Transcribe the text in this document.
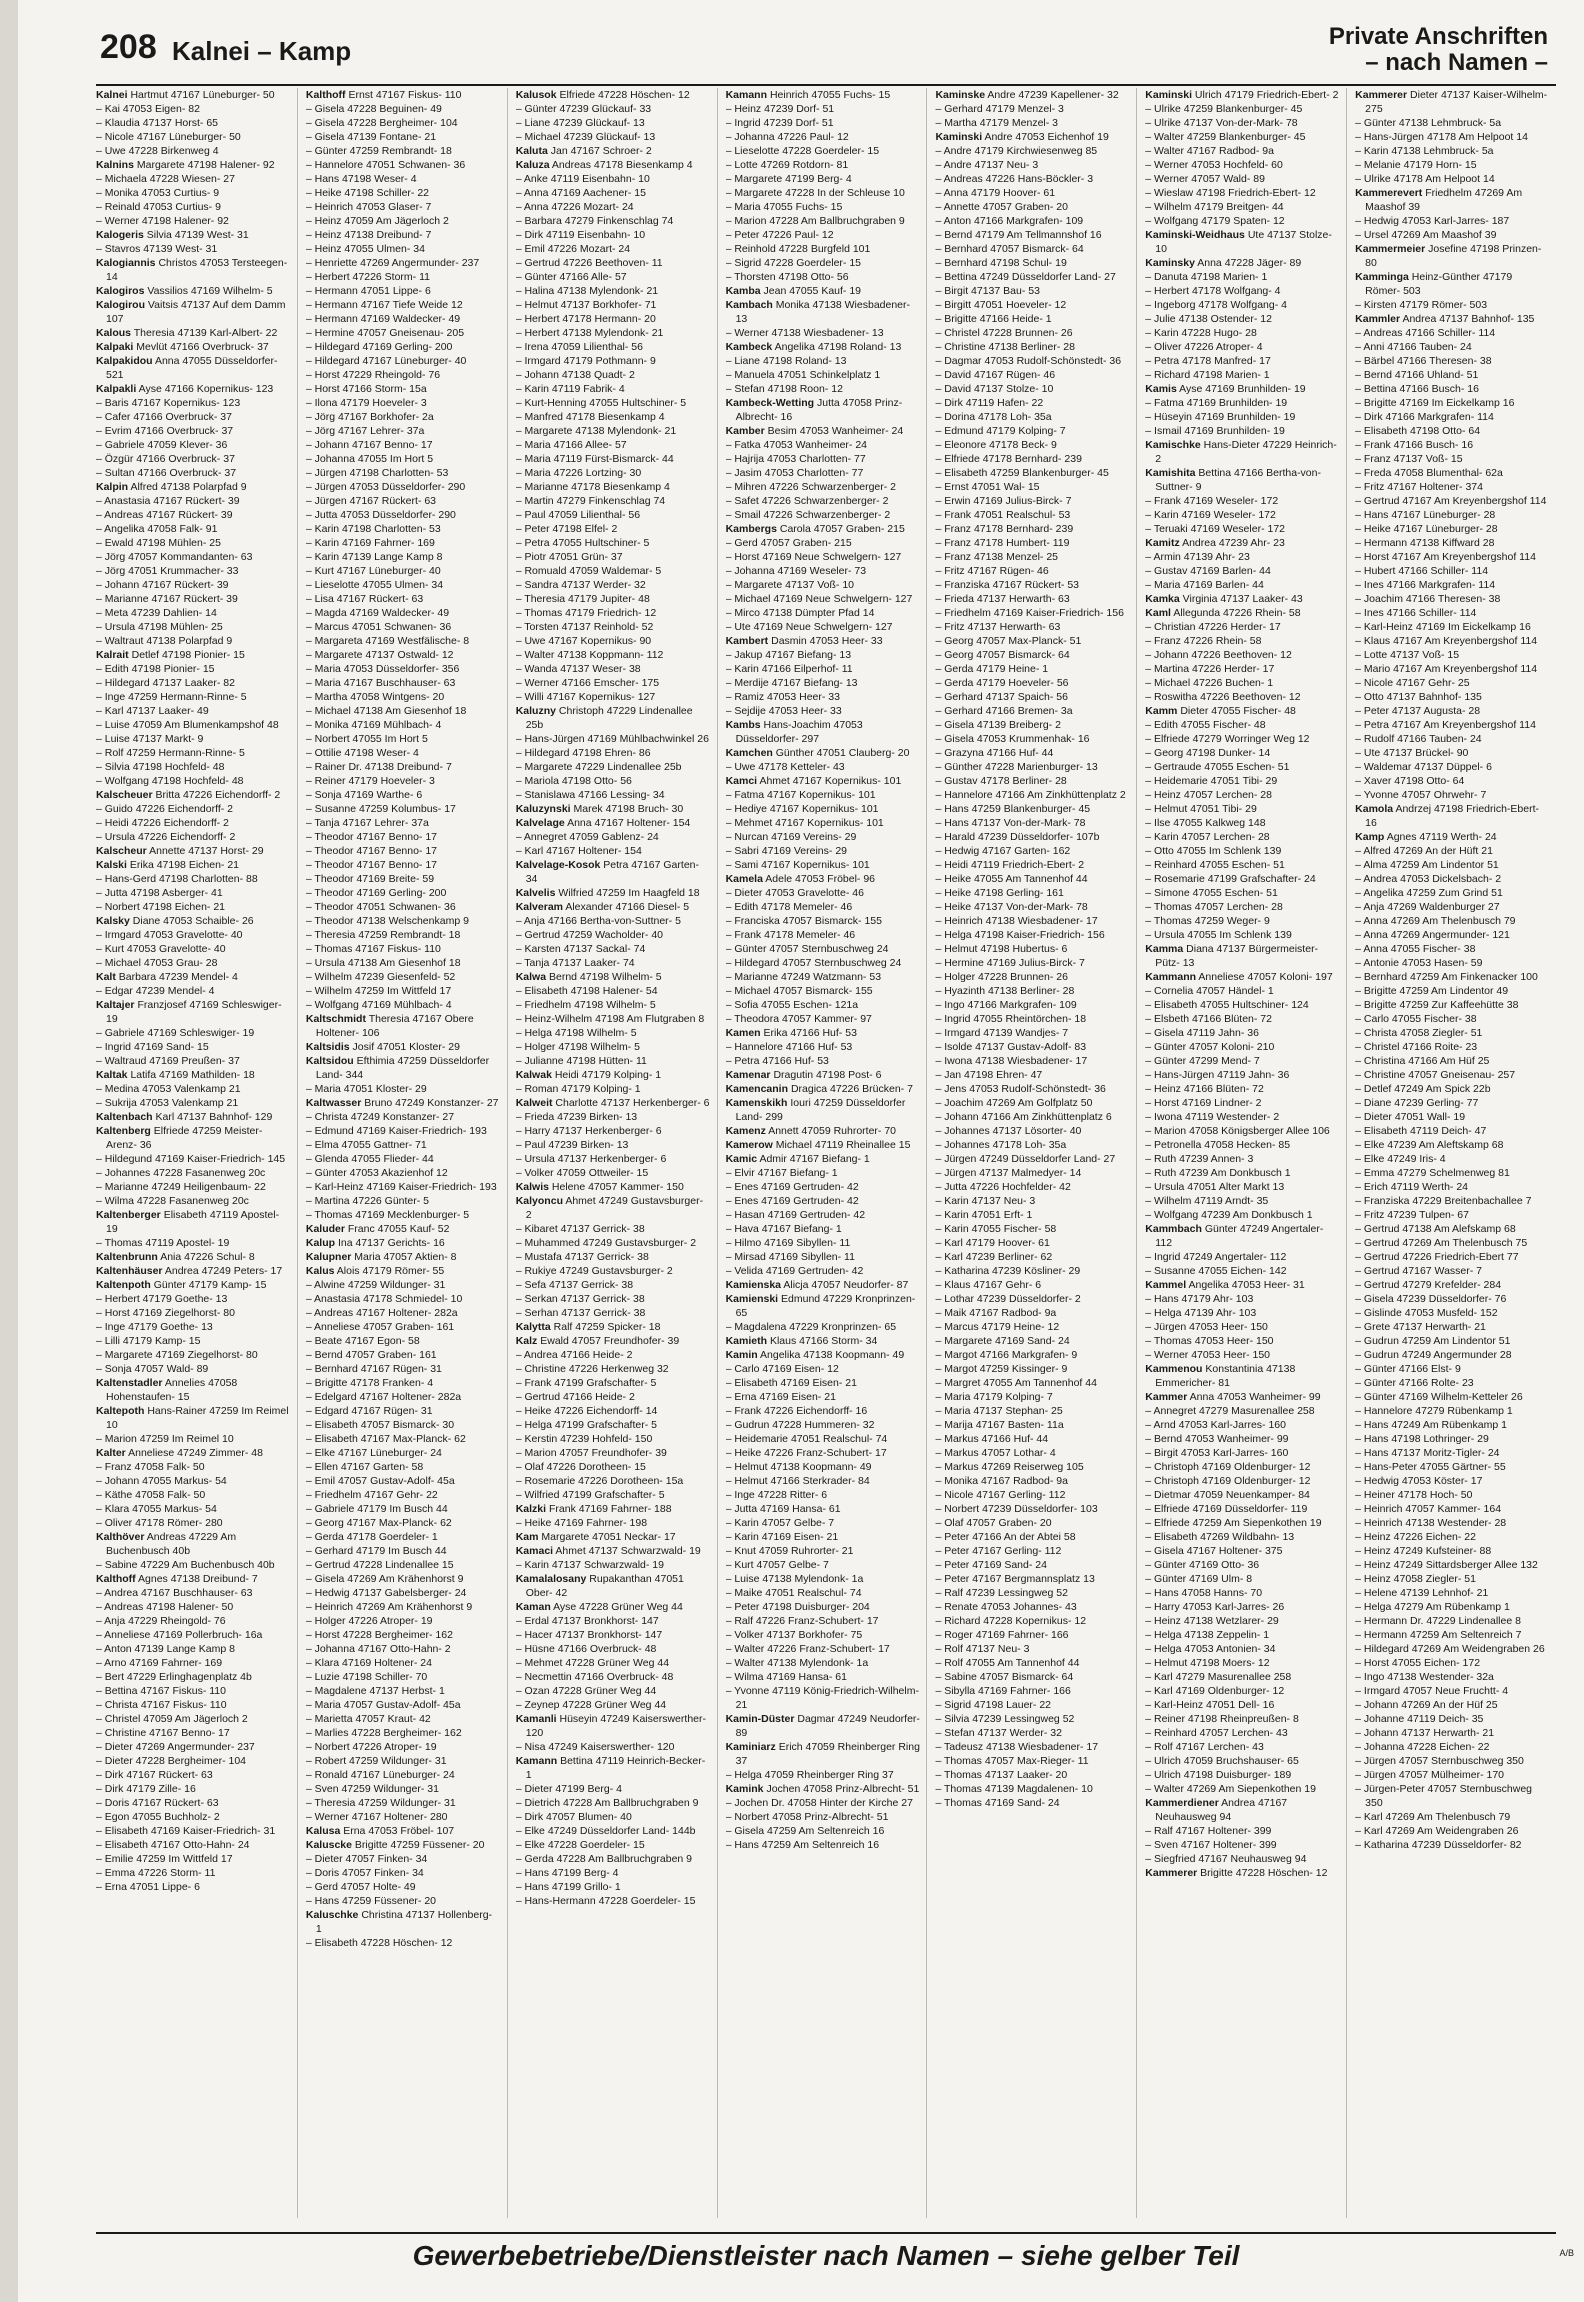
208 Kalnei – Kamp	Private Anschriften
– nach Namen –

Kalnei Hartmut 47167 Lüneburger- 50

– Kai 47053 Eigen- 82

– Klaudia 47137 Horst- 65

– Nicole 47167 Lüneburger- 50

– Uwe 47228 Birkenweg 4

Kalnins Margarete 47198 Halener- 92

– Michaela 47228 Wiesen- 27

– Monika 47053 Curtius- 9

– Reinald 47053 Curtius- 9

– Werner 47198 Halener- 92

Kalogeris Silvia 47139 West- 31

– Stavros 47139 West- 31

Kalogiannis Christos 47053 Tersteegen- 14

Kalogiros Vassilios 47169 Wilhelm- 5

Kalogirou Vaitsis 47137 Auf dem Damm 107

Kalous Theresia 47139 Karl-Albert- 22

Kalpaki Mevlüt 47166 Overbruck- 37

Kalpakidou Anna 47055 Düsseldorfer- 521

Kalpakli Ayse 47166 Kopernikus- 123

– Baris 47167 Kopernikus- 123

– Cafer 47166 Overbruck- 37

– Evrim 47166 Overbruck- 37

– Gabriele 47059 Klever- 36

– Özgür 47166 Overbruck- 37

– Sultan 47166 Overbruck- 37

Kalpin Alfred 47138 Polarpfad 9

– Anastasia 47167 Rückert- 39

– Andreas 47167 Rückert- 39

– Angelika 47058 Falk- 91

– Ewald 47198 Mühlen- 25

– Jörg 47057 Kommandanten- 63

– Jörg 47051 Krummacher- 33

– Johann 47167 Rückert- 39

– Marianne 47167 Rückert- 39

– Meta 47239 Dahlien- 14

– Ursula 47198 Mühlen- 25

– Waltraut 47138 Polarpfad 9

Kalrait Detlef 47198 Pionier- 15

– Edith 47198 Pionier- 15

– Hildegard 47137 Laaker- 82

– Inge 47259 Hermann-Rinne- 5

– Karl 47137 Laaker- 49

– Luise 47059 Am Blumenkampshof 48

– Luise 47137 Markt- 9

– Rolf 47259 Hermann-Rinne- 5

– Silvia 47198 Hochfeld- 48

– Wolfgang 47198 Hochfeld- 48

Kalscheuer Britta 47226 Eichendorff- 2

– Guido 47226 Eichendorff- 2

– Heidi 47226 Eichendorff- 2

– Ursula 47226 Eichendorff- 2

Kalscheur Annette 47137 Horst- 29

Kalski Erika 47198 Eichen- 21

– Hans-Gerd 47198 Charlotten- 88

– Jutta 47198 Asberger- 41

– Norbert 47198 Eichen- 21

Kalsky Diane 47053 Schaible- 26

– Irmgard 47053 Gravelotte- 40

– Kurt 47053 Gravelotte- 40

– Michael 47053 Grau- 28

Kalt Barbara 47239 Mendel- 4

– Edgar 47239 Mendel- 4

Kaltajer Franzjosef 47169 Schleswiger- 19

– Gabriele 47169 Schleswiger- 19

– Ingrid 47169 Sand- 15

– Waltraud 47169 Preußen- 37

Kaltak Latifa 47169 Mathilden- 18

– Medina 47053 Valenkamp 21

– Sukrija 47053 Valenkamp 21

Kaltenbach Karl 47137 Bahnhof- 129

Kaltenberg Elfriede 47259 Meister-Arenz- 36

– Hildegund 47169 Kaiser-Friedrich- 145

– Johannes 47228 Fasanenweg 20c

– Marianne 47249 Heiligenbaum- 22

– Wilma 47228 Fasanenweg 20c

Kaltenberger Elisabeth 47119 Apostel- 19

– Thomas 47119 Apostel- 19

Kaltenbrunn Ania 47226 Schul- 8

Kaltenhäuser Andrea 47249 Peters- 17

Kaltenpoth Günter 47179 Kamp- 15

– Herbert 47179 Goethe- 13

– Horst 47169 Ziegelhorst- 80

– Inge 47179 Goethe- 13

– Lilli 47179 Kamp- 15

– Margarete 47169 Ziegelhorst- 80

– Sonja 47057 Wald- 89

Kaltenstadler Annelies 47058 Hohenstaufen- 15

Kaltepoth Hans-Rainer 47259 Im Reimel 10

– Marion 47259 Im Reimel 10

Kalter Anneliese 47249 Zimmer- 48

– Franz 47058 Falk- 50

– Johann 47055 Markus- 54

– Käthe 47058 Falk- 50

– Klara 47055 Markus- 54

– Oliver 47178 Römer- 280

Kalthöver Andreas 47229 Am Buchenbusch 40b

– Sabine 47229 Am Buchenbusch 40b

Kalthoff Agnes 47138 Dreibund- 7

– Andrea 47167 Buschhauser- 63

– Andreas 47198 Halener- 50

– Anja 47229 Rheingold- 76

– Anneliese 47169 Pollerbruch- 16a

– Anton 47139 Lange Kamp 8

– Arno 47169 Fahrner- 169

– Bert 47229 Erlinghagenplatz 4b

– Bettina 47167 Fiskus- 110

– Christa 47167 Fiskus- 110

– Christel 47059 Am Jägerloch 2

– Christine 47167 Benno- 17

– Dieter 47269 Angermunder- 237

– Dieter 47228 Bergheimer- 104

– Dirk 47167 Rückert- 63

– Dirk 47179 Zille- 16

– Doris 47167 Rückert- 63

– Egon 47055 Buchholz- 2

– Elisabeth 47169 Kaiser-Friedrich- 31

– Elisabeth 47167 Otto-Hahn- 24

– Emilie 47259 Im Wittfeld 17

– Emma 47226 Storm- 11

– Erna 47051 Lippe- 6

Kalthoff Ernst 47167 Fiskus- 110

– Gisela 47228 Beguinen- 49

– Gisela 47228 Bergheimer- 104

– Gisela 47139 Fontane- 21

– Günter 47259 Rembrandt- 18

– Hannelore 47051 Schwanen- 36

– Hans 47198 Weser- 4

– Heike 47198 Schiller- 22

– Heinrich 47053 Glaser- 7

– Heinz 47059 Am Jägerloch 2

– Heinz 47138 Dreibund- 7

– Heinz 47055 Ulmen- 34

– Henriette 47269 Angermunder- 237

– Herbert 47226 Storm- 11

– Hermann 47051 Lippe- 6

– Hermann 47167 Tiefe Weide 12

– Hermann 47169 Waldecker- 49

– Hermine 47057 Gneisenau- 205

– Hildegard 47169 Gerling- 200

– Hildegard 47167 Lüneburger- 40

– Horst 47229 Rheingold- 76

– Horst 47166 Storm- 15a

– Ilona 47179 Hoeveler- 3

– Jörg 47167 Borkhofer- 2a

– Jörg 47167 Lehrer- 37a

– Johann 47167 Benno- 17

– Johanna 47055 Im Hort 5

– Jürgen 47198 Charlotten- 53

– Jürgen 47053 Düsseldorfer- 290

– Jürgen 47167 Rückert- 63

– Jutta 47053 Düsseldorfer- 290

– Karin 47198 Charlotten- 53

– Karin 47169 Fahrner- 169

– Karin 47139 Lange Kamp 8

– Kurt 47167 Lüneburger- 40

– Lieselotte 47055 Ulmen- 34

– Lisa 47167 Rückert- 63

– Magda 47169 Waldecker- 49

– Marcus 47051 Schwanen- 36

– Margareta 47169 Westfälische- 8

– Margarete 47137 Ostwald- 12

– Maria 47053 Düsseldorfer- 356

– Maria 47167 Buschhauser- 63

– Martha 47058 Wintgens- 20

– Michael 47138 Am Giesenhof 18

– Monika 47169 Mühlbach- 4

– Norbert 47055 Im Hort 5

– Ottilie 47198 Weser- 4

– Rainer Dr. 47138 Dreibund- 7

– Reiner 47179 Hoeveler- 3

– Sonja 47169 Warthe- 6

– Susanne 47259 Kolumbus- 17

– Tanja 47167 Lehrer- 37a

– Theodor 47167 Benno- 17

– Theodor 47167 Benno- 17

– Theodor 47167 Benno- 17

– Theodor 47169 Breite- 59

– Theodor 47169 Gerling- 200

– Theodor 47051 Schwanen- 36

– Theodor 47138 Welschenkamp 9

– Theresia 47259 Rembrandt- 18

– Thomas 47167 Fiskus- 110

– Ursula 47138 Am Giesenhof 18

– Wilhelm 47239 Giesenfeld- 52

– Wilhelm 47259 Im Wittfeld 17

– Wolfgang 47169 Mühlbach- 4

Kaltschmidt Theresia 47167 Obere Holtener- 106

Kaltsidis Josif 47051 Kloster- 29

Kaltsidou Efthimia 47259 Düsseldorfer Land- 344

– Maria 47051 Kloster- 29

Kaltwasser Bruno 47249 Konstanzer- 27

– Christa 47249 Konstanzer- 27

– Edmund 47169 Kaiser-Friedrich- 193

– Elma 47055 Gattner- 71

– Glenda 47055 Flieder- 44

– Günter 47053 Akazienhof 12

– Karl-Heinz 47169 Kaiser-Friedrich- 193

– Martina 47226 Günter- 5

– Thomas 47169 Mecklenburger- 5

Kaluder Franc 47055 Kauf- 52

Kalup Ina 47137 Gerichts- 16

Kalupner Maria 47057 Aktien- 8

Kalus Alois 47179 Römer- 55

– Alwine 47259 Wildunger- 31

– Anastasia 47178 Schmiedel- 10

– Andreas 47167 Holtener- 282a

– Anneliese 47057 Graben- 161

– Beate 47167 Egon- 58

– Bernd 47057 Graben- 161

– Bernhard 47167 Rügen- 31

– Brigitte 47178 Franken- 4

– Edelgard 47167 Holtener- 282a

– Edgard 47167 Rügen- 31

– Elisabeth 47057 Bismarck- 30

– Elisabeth 47167 Max-Planck- 62

– Elke 47167 Lüneburger- 24

– Ellen 47167 Garten- 58

– Emil 47057 Gustav-Adolf- 45a

– Friedhelm 47167 Gehr- 22

– Gabriele 47179 Im Busch 44

– Georg 47167 Max-Planck- 62

– Gerda 47178 Goerdeler- 1

– Gerhard 47179 Im Busch 44

– Gertrud 47228 Lindenallee 15

– Gisela 47269 Am Krähenhorst 9

– Hedwig 47137 Gabelsberger- 24

– Heinrich 47269 Am Krähenhorst 9

– Holger 47226 Atroper- 19

– Horst 47228 Bergheimer- 162

– Johanna 47167 Otto-Hahn- 2

– Klara 47169 Holtener- 24

– Luzie 47198 Schiller- 70

– Magdalene 47137 Herbst- 1

– Maria 47057 Gustav-Adolf- 45a

– Marietta 47057 Kraut- 42

– Marlies 47228 Bergheimer- 162

– Norbert 47226 Atroper- 19

– Robert 47259 Wildunger- 31

– Ronald 47167 Lüneburger- 24

– Sven 47259 Wildunger- 31

– Theresia 47259 Wildunger- 31

– Werner 47167 Holtener- 280

Kalusa Erna 47053 Fröbel- 107

Kaluscke Brigitte 47259 Füssener- 20

– Dieter 47057 Finken- 34

– Doris 47057 Finken- 34

– Gerd 47057 Holte- 49

– Hans 47259 Füssener- 20

Kaluschke Christina 47137 Hollenberg- 1

– Elisabeth 47228 Höschen- 12

Kalusok Elfriede 47228 Höschen- 12

– Günter 47239 Glückauf- 33

– Liane 47239 Glückauf- 13

– Michael 47239 Glückauf- 13

Kaluta Jan 47167 Schroer- 2

Kaluza Andreas 47178 Biesenkamp 4

– Anke 47119 Eisenbahn- 10

– Anna 47169 Aachener- 15

– Anna 47226 Mozart- 24

– Barbara 47279 Finkenschlag 74

– Dirk 47119 Eisenbahn- 10

– Emil 47226 Mozart- 24

– Gertrud 47226 Beethoven- 11

– Günter 47166 Alle- 57

– Halina 47138 Mylendonk- 21

– Helmut 47137 Borkhofer- 71

– Herbert 47178 Hermann- 20

– Herbert 47138 Mylendonk- 21

– Irena 47059 Lilienthal- 56

– Irmgard 47179 Pothmann- 9

– Johann 47138 Quadt- 2

– Karin 47119 Fabrik- 4

– Kurt-Henning 47055 Hultschiner- 5

– Manfred 47178 Biesenkamp 4

– Margarete 47138 Mylendonk- 21

– Maria 47166 Allee- 57

– Maria 47119 Fürst-Bismarck- 44

– Maria 47226 Lortzing- 30

– Marianne 47178 Biesenkamp 4

– Martin 47279 Finkenschlag 74

– Paul 47059 Lilienthal- 56

– Peter 47198 Elfel- 2

– Petra 47055 Hultschiner- 5

– Piotr 47051 Grün- 37

– Romuald 47059 Waldemar- 5

– Sandra 47137 Werder- 32

– Theresia 47179 Jupiter- 48

– Thomas 47179 Friedrich- 12

– Torsten 47137 Reinhold- 52

– Uwe 47167 Kopernikus- 90

– Walter 47138 Koppmann- 112

– Wanda 47137 Weser- 38

– Werner 47166 Emscher- 175

– Willi 47167 Kopernikus- 127

Kaluzny Christoph 47229 Lindenallee 25b

– Hans-Jürgen 47169 Mühlbachwinkel 26

– Hildegard 47198 Ehren- 86

– Margarete 47229 Lindenallee 25b

– Mariola 47198 Otto- 56

– Stanislawa 47166 Lessing- 34

Kaluzynski Marek 47198 Bruch- 30

Kalvelage Anna 47167 Holtener- 154

– Annegret 47059 Gablenz- 24

– Karl 47167 Holtener- 154

Kalvelage-Kosok Petra 47167 Garten- 34

Kalvelis Wilfried 47259 Im Haagfeld 18

Kalveram Alexander 47166 Diesel- 5

– Anja 47166 Bertha-von-Suttner- 5

– Gertrud 47259 Wacholder- 40

– Karsten 47137 Sackal- 74

– Tanja 47137 Laaker- 74

Kalwa Bernd 47198 Wilhelm- 5

– Elisabeth 47198 Halener- 54

– Friedhelm 47198 Wilhelm- 5

– Heinz-Wilhelm 47198 Am Flutgraben 8

– Helga 47198 Wilhelm- 5

– Holger 47198 Wilhelm- 5

– Julianne 47198 Hütten- 11

Kalwak Heidi 47179 Kolping- 1

– Roman 47179 Kolping- 1

Kalweit Charlotte 47137 Herkenberger- 6

– Frieda 47239 Birken- 13

– Harry 47137 Herkenberger- 6

– Paul 47239 Birken- 13

– Ursula 47137 Herkenberger- 6

– Volker 47059 Ottweiler- 15

Kalwis Helene 47057 Kammer- 150

Kalyoncu Ahmet 47249 Gustavsburger- 2

– Kibaret 47137 Gerrick- 38

– Muhammed 47249 Gustavsburger- 2

– Mustafa 47137 Gerrick- 38

– Rukiye 47249 Gustavsburger- 2

– Sefa 47137 Gerrick- 38

– Serkan 47137 Gerrick- 38

– Serhan 47137 Gerrick- 38

Kalytta Ralf 47259 Spicker- 18

Kalz Ewald 47057 Freundhofer- 39

– Andrea 47166 Heide- 2

– Christine 47226 Herkenweg 32

– Frank 47199 Grafschafter- 5

– Gertrud 47166 Heide- 2

– Heike 47226 Eichendorff- 14

– Helga 47199 Grafschafter- 5

– Kerstin 47239 Hohfeld- 150

– Marion 47057 Freundhofer- 39

– Olaf 47226 Dorotheen- 15

– Rosemarie 47226 Dorotheen- 15a

– Wilfried 47199 Grafschafter- 5

Kalzki Frank 47169 Fahrner- 188

– Heike 47169 Fahrner- 198

Kam Margarete 47051 Neckar- 17

Kamaci Ahmet 47137 Schwarzwald- 19

– Karin 47137 Schwarzwald- 19

Kamalalosany Rupakanthan 47051 Ober- 42

Kaman Ayse 47228 Grüner Weg 44

– Erdal 47137 Bronkhorst- 147

– Hacer 47137 Bronkhorst- 147

– Hüsne 47166 Overbruck- 48

– Mehmet 47228 Grüner Weg 44

– Necmettin 47166 Overbruck- 48

– Ozan 47228 Grüner Weg 44

– Zeynep 47228 Grüner Weg 44

Kamanli Hüseyin 47249 Kaiserswerther- 120

– Nisa 47249 Kaiserswerther- 120

Kamann Bettina 47119 Heinrich-Becker- 1

– Dieter 47199 Berg- 4

– Dietrich 47228 Am Ballbruchgraben 9

– Dirk 47057 Blumen- 40

– Elke 47249 Düsseldorfer Land- 144b

– Elke 47228 Goerdeler- 15

– Gerda 47228 Am Ballbruchgraben 9

– Hans 47199 Berg- 4

– Hans 47199 Grillo- 1

– Hans-Hermann 47228 Goerdeler- 15

Kamann Heinrich 47055 Fuchs- 15

– Heinz 47239 Dorf- 51

– Ingrid 47239 Dorf- 51

– Johanna 47226 Paul- 12

– Lieselotte 47228 Goerdeler- 15

– Lotte 47269 Rotdorn- 81

– Margarete 47199 Berg- 4

– Margarete 47228 In der Schleuse 10

– Maria 47055 Fuchs- 15

– Marion 47228 Am Ballbruchgraben 9

– Peter 47226 Paul- 12

– Reinhold 47228 Burgfeld 101

– Sigrid 47228 Goerdeler- 15

– Thorsten 47198 Otto- 56

Kamba Jean 47055 Kauf- 19

Kambach Monika 47138 Wiesbadener- 13

– Werner 47138 Wiesbadener- 13

Kambeck Angelika 47198 Roland- 13

– Liane 47198 Roland- 13

– Manuela 47051 Schinkelplatz 1

– Stefan 47198 Roon- 12

Kambeck-Wetting Jutta 47058 Prinz-Albrecht- 16

Kamber Besim 47053 Wanheimer- 24

– Fatka 47053 Wanheimer- 24

– Hajrija 47053 Charlotten- 77

– Jasim 47053 Charlotten- 77

– Mihren 47226 Schwarzenberger- 2

– Safet 47226 Schwarzenberger- 2

– Smail 47226 Schwarzenberger- 2

Kambergs Carola 47057 Graben- 215

– Gerd 47057 Graben- 215

– Horst 47169 Neue Schwelgern- 127

– Johanna 47169 Weseler- 73

– Margarete 47137 Voß- 10

– Michael 47169 Neue Schwelgern- 127

– Mirco 47138 Dümpter Pfad 14

– Ute 47169 Neue Schwelgern- 127

Kambert Dasmin 47053 Heer- 33

– Jakup 47167 Biefang- 13

– Karin 47166 Eilperhof- 11

– Merdije 47167 Biefang- 13

– Ramiz 47053 Heer- 33

– Sejdije 47053 Heer- 33

Kambs Hans-Joachim 47053 Düsseldorfer- 297

Kamchen Günther 47051 Clauberg- 20

– Uwe 47178 Ketteler- 43

Kamci Ahmet 47167 Kopernikus- 101

– Fatma 47167 Kopernikus- 101

– Hediye 47167 Kopernikus- 101

– Mehmet 47167 Kopernikus- 101

– Nurcan 47169 Vereins- 29

– Sabri 47169 Vereins- 29

– Sami 47167 Kopernikus- 101

Kamela Adele 47053 Fröbel- 96

– Dieter 47053 Gravelotte- 46

– Edith 47178 Memeler- 46

– Franciska 47057 Bismarck- 155

– Frank 47178 Memeler- 46

– Günter 47057 Sternbuschweg 24

– Hildegard 47057 Sternbuschweg 24

– Marianne 47249 Watzmann- 53

– Michael 47057 Bismarck- 155

– Sofia 47055 Eschen- 121a

– Theodora 47057 Kammer- 97

Kamen Erika 47166 Huf- 53

– Hannelore 47166 Huf- 53

– Petra 47166 Huf- 53

Kamenar Dragutin 47198 Post- 6

Kamencanin Dragica 47226 Brücken- 7

Kamenskikh Iouri 47259 Düsseldorfer Land- 299

Kamenz Annett 47059 Ruhrorter- 70

Kamerow Michael 47119 Rheinallee 15

Kamic Admir 47167 Biefang- 1

– Elvir 47167 Biefang- 1

– Enes 47169 Gertruden- 42

– Enes 47169 Gertruden- 42

– Hasan 47169 Gertruden- 42

– Hava 47167 Biefang- 1

– Hilmo 47169 Sibyllen- 11

– Mirsad 47169 Sibyllen- 11

– Velida 47169 Gertruden- 42

Kamienska Alicja 47057 Neudorfer- 87

Kamienski Edmund 47229 Kronprinzen- 65

– Magdalena 47229 Kronprinzen- 65

Kamieth Klaus 47166 Storm- 34

Kamin Angelika 47138 Koopmann- 49

– Carlo 47169 Eisen- 12

– Elisabeth 47169 Eisen- 21

– Erna 47169 Eisen- 21

– Frank 47226 Eichendorff- 16

– Gudrun 47228 Hummeren- 32

– Heidemarie 47051 Realschul- 74

– Heike 47226 Franz-Schubert- 17

– Helmut 47138 Koopmann- 49

– Helmut 47166 Sterkrader- 84

– Inge 47228 Ritter- 6

– Jutta 47169 Hansa- 61

– Karin 47057 Gelbe- 7

– Karin 47169 Eisen- 21

– Knut 47059 Ruhrorter- 21

– Kurt 47057 Gelbe- 7

– Luise 47138 Mylendonk- 1a

– Maike 47051 Realschul- 74

– Peter 47198 Duisburger- 204

– Ralf 47226 Franz-Schubert- 17

– Volker 47137 Borkhofer- 75

– Walter 47226 Franz-Schubert- 17

– Walter 47138 Mylendonk- 1a

– Wilma 47169 Hansa- 61

– Yvonne 47119 König-Friedrich-Wilhelm- 21

Kamin-Düster Dagmar 47249 Neudorfer- 89

Kaminiarz Erich 47059 Rheinberger Ring 37

– Helga 47059 Rheinberger Ring 37

Kamink Jochen 47058 Prinz-Albrecht- 51

– Jochen Dr. 47058 Hinter der Kirche 27

– Norbert 47058 Prinz-Albrecht- 51

– Gisela 47259 Am Seltenreich 16

– Hans 47259 Am Seltenreich 16

Kaminske Andre 47239 Kapellener- 32

– Gerhard 47179 Menzel- 3

– Martha 47179 Menzel- 3

Kaminski Andre 47053 Eichenhof 19

– Andre 47179 Kirchwiesenweg 85

– Andre 47137 Neu- 3

– Andreas 47226 Hans-Böckler- 3

– Anna 47179 Hoover- 61

– Annette 47057 Graben- 20

– Anton 47166 Markgrafen- 109

– Bernd 47179 Am Tellmannshof 16

– Bernhard 47057 Bismarck- 64

– Bernhard 47198 Schul- 19

– Bettina 47249 Düsseldorfer Land- 27

– Birgit 47137 Bau- 53

– Birgitt 47051 Hoeveler- 12

– Brigitte 47166 Heide- 1

– Christel 47228 Brunnen- 26

– Christine 47138 Berliner- 28

– Dagmar 47053 Rudolf-Schönstedt- 36

– David 47167 Rügen- 46

– David 47137 Stolze- 10

– Dirk 47119 Hafen- 22

– Dorina 47178 Loh- 35a

– Edmund 47179 Kolping- 7

– Eleonore 47178 Beck- 9

– Elfriede 47178 Bernhard- 239

– Elisabeth 47259 Blankenburger- 45

– Ernst 47051 Wal- 15

– Erwin 47169 Julius-Birck- 7

– Frank 47051 Realschul- 53

– Franz 47178 Bernhard- 239

– Franz 47178 Humbert- 119

– Franz 47138 Menzel- 25

– Fritz 47167 Rügen- 46

– Franziska 47167 Rückert- 53

– Frieda 47137 Herwarth- 63

– Friedhelm 47169 Kaiser-Friedrich- 156

– Fritz 47137 Herwarth- 63

– Georg 47057 Max-Planck- 51

– Georg 47057 Bismarck- 64

– Gerda 47179 Heine- 1

– Gerda 47179 Hoeveler- 56

– Gerhard 47137 Spaich- 56

– Gerhard 47166 Bremen- 3a

– Gisela 47139 Breiberg- 2

– Gisela 47053 Krummenhak- 16

– Grazyna 47166 Huf- 44

– Günther 47228 Marienburger- 13

– Gustav 47178 Berliner- 28

– Hannelore 47166 Am Zinkhüttenplatz 2

– Hans 47259 Blankenburger- 45

– Hans 47137 Von-der-Mark- 78

– Harald 47239 Düsseldorfer- 107b

– Hedwig 47167 Garten- 162

– Heidi 47119 Friedrich-Ebert- 2

– Heike 47055 Am Tannenhof 44

– Heike 47198 Gerling- 161

– Heike 47137 Von-der-Mark- 78

– Heinrich 47138 Wiesbadener- 17

– Helga 47198 Kaiser-Friedrich- 156

– Helmut 47198 Hubertus- 6

– Hermine 47169 Julius-Birck- 7

– Holger 47228 Brunnen- 26

– Hyazinth 47138 Berliner- 28

– Ingo 47166 Markgrafen- 109

– Ingrid 47055 Rheintörchen- 18

– Irmgard 47139 Wandjes- 7

– Isolde 47137 Gustav-Adolf- 83

– Iwona 47138 Wiesbadener- 17

– Jan 47198 Ehren- 47

– Jens 47053 Rudolf-Schönstedt- 36

– Joachim 47269 Am Golfplatz 50

– Johann 47166 Am Zinkhüttenplatz 6

– Johannes 47137 Lösorter- 40

– Johannes 47178 Loh- 35a

– Jürgen 47249 Düsseldorfer Land- 27

– Jürgen 47137 Malmedyer- 14

– Jutta 47226 Hochfelder- 42

– Karin 47137 Neu- 3

– Karin 47051 Erft- 1

– Karin 47055 Fischer- 58

– Karl 47179 Hoover- 61

– Karl 47239 Berliner- 62

– Katharina 47239 Kösliner- 29

– Klaus 47167 Gehr- 6

– Lothar 47239 Düsseldorfer- 2

– Maik 47167 Radbod- 9a

– Marcus 47179 Heine- 12

– Margarete 47169 Sand- 24

– Margot 47166 Markgrafen- 9

– Margot 47259 Kissinger- 9

– Margret 47055 Am Tannenhof 44

– Maria 47179 Kolping- 7

– Maria 47137 Stephan- 25

– Marija 47167 Basten- 11a

– Markus 47166 Huf- 44

– Markus 47057 Lothar- 4

– Markus 47269 Reiserweg 105

– Monika 47167 Radbod- 9a

– Nicole 47167 Gerling- 112

– Norbert 47239 Düsseldorfer- 103

– Olaf 47057 Graben- 20

– Peter 47166 An der Abtei 58

– Peter 47167 Gerling- 112

– Peter 47169 Sand- 24

– Peter 47167 Bergmannsplatz 13

– Ralf 47239 Lessingweg 52

– Renate 47053 Johannes- 43

– Richard 47228 Kopernikus- 12

– Roger 47169 Fahrner- 166

– Rolf 47137 Neu- 3

– Rolf 47055 Am Tannenhof 44

– Sabine 47057 Bismarck- 64

– Sibylla 47169 Fahrner- 166

– Sigrid 47198 Lauer- 22

– Silvia 47239 Lessingweg 52

– Stefan 47137 Werder- 32

– Tadeusz 47138 Wiesbadener- 17

– Thomas 47057 Max-Rieger- 11

– Thomas 47137 Laaker- 20

– Thomas 47139 Magdalenen- 10

– Thomas 47169 Sand- 24

Kaminski Ulrich 47179 Friedrich-Ebert- 2

– Ulrike 47259 Blankenburger- 45

– Ulrike 47137 Von-der-Mark- 78

– Walter 47259 Blankenburger- 45

– Walter 47167 Radbod- 9a

– Werner 47053 Hochfeld- 60

– Werner 47057 Wald- 89

– Wieslaw 47198 Friedrich-Ebert- 12

– Wilhelm 47179 Breitgen- 44

– Wolfgang 47179 Spaten- 12

Kaminski-Weidhaus Ute 47137 Stolze- 10

Kaminsky Anna 47228 Jäger- 89

– Danuta 47198 Marien- 1

– Herbert 47178 Wolfgang- 4

– Ingeborg 47178 Wolfgang- 4

– Julie 47138 Ostender- 12

– Karin 47228 Hugo- 28

– Oliver 47226 Atroper- 4

– Petra 47178 Manfred- 17

– Richard 47198 Marien- 1

Kamis Ayse 47169 Brunhilden- 19

– Fatma 47169 Brunhilden- 19

– Hüseyin 47169 Brunhilden- 19

– Ismail 47169 Brunhilden- 19

Kamischke Hans-Dieter 47229 Heinrich- 2

Kamishita Bettina 47166 Bertha-von-Suttner- 9

– Frank 47169 Weseler- 172

– Karin 47169 Weseler- 172

– Teruaki 47169 Weseler- 172

Kamitz Andrea 47239 Ahr- 23

– Armin 47139 Ahr- 23

– Gustav 47169 Barlen- 44

– Maria 47169 Barlen- 44

Kamka Virginia 47137 Laaker- 43

Kaml Allegunda 47226 Rhein- 58

– Christian 47226 Herder- 17

– Franz 47226 Rhein- 58

– Johann 47226 Beethoven- 12

– Martina 47226 Herder- 17

– Michael 47226 Buchen- 1

– Roswitha 47226 Beethoven- 12

Kamm Dieter 47055 Fischer- 48

– Edith 47055 Fischer- 48

– Elfriede 47279 Worringer Weg 12

– Georg 47198 Dunker- 14

– Gertraude 47055 Eschen- 51

– Heidemarie 47051 Tibi- 29

– Heinz 47057 Lerchen- 28

– Helmut 47051 Tibi- 29

– Ilse 47055 Kalkweg 148

– Karin 47057 Lerchen- 28

– Otto 47055 Im Schlenk 139

– Reinhard 47055 Eschen- 51

– Rosemarie 47199 Grafschafter- 24

– Simone 47055 Eschen- 51

– Thomas 47057 Lerchen- 28

– Thomas 47259 Weger- 9

– Ursula 47055 Im Schlenk 139

Kamma Diana 47137 Bürgermeister-Pütz- 13

Kammann Anneliese 47057 Koloni- 197

– Cornelia 47057 Händel- 1

– Elisabeth 47055 Hultschiner- 124

– Elsbeth 47166 Blüten- 72

– Gisela 47119 Jahn- 36

– Günter 47057 Koloni- 210

– Günter 47299 Mend- 7

– Hans-Jürgen 47119 Jahn- 36

– Heinz 47166 Blüten- 72

– Horst 47169 Lindner- 2

– Iwona 47119 Westender- 2

– Marion 47058 Königsberger Allee 106

– Petronella 47058 Hecken- 85

– Ruth 47239 Annen- 3

– Ruth 47239 Am Donkbusch 1

– Ursula 47051 Alter Markt 13

– Wilhelm 47119 Arndt- 35

– Wolfgang 47239 Am Donkbusch 1

Kammbach Günter 47249 Angertaler- 112

– Ingrid 47249 Angertaler- 112

– Susanne 47055 Eichen- 142

Kammel Angelika 47053 Heer- 31

– Hans 47179 Ahr- 103

– Helga 47139 Ahr- 103

– Jürgen 47053 Heer- 150

– Thomas 47053 Heer- 150

– Werner 47053 Heer- 150

Kammenou Konstantinia 47138 Emmericher- 81

Kammer Anna 47053 Wanheimer- 99

– Annegret 47279 Masurenallee 258

– Arnd 47053 Karl-Jarres- 160

– Bernd 47053 Wanheimer- 99

– Birgit 47053 Karl-Jarres- 160

– Christoph 47169 Oldenburger- 12

– Christoph 47169 Oldenburger- 12

– Dietmar 47059 Neuenkamper- 84

– Elfriede 47169 Düsseldorfer- 119

– Elfriede 47259 Am Siepenkothen 19

– Elisabeth 47269 Wildbahn- 13

– Gisela 47167 Holtener- 375

– Günter 47169 Otto- 36

– Günter 47169 Ulm- 8

– Hans 47058 Hanns- 70

– Harry 47053 Karl-Jarres- 26

– Heinz 47138 Wetzlarer- 29

– Helga 47138 Zeppelin- 1

– Helga 47053 Antonien- 34

– Helmut 47198 Moers- 12

– Karl 47279 Masurenallee 258

– Karl 47169 Oldenburger- 12

– Karl-Heinz 47051 Dell- 16

– Reiner 47198 Rheinpreußen- 8

– Reinhard 47057 Lerchen- 43

– Rolf 47167 Lerchen- 43

– Ulrich 47059 Bruchshauser- 65

– Ulrich 47198 Duisburger- 189

– Walter 47269 Am Siepenkothen 19

Kammerdiener Andrea 47167 Neuhausweg 94

– Ralf 47167 Holtener- 399

– Sven 47167 Holtener- 399

– Siegfried 47167 Neuhausweg 94

Kammerer Brigitte 47228 Höschen- 12

Kammerer Dieter 47137 Kaiser-Wilhelm- 275

– Günter 47138 Lehmbruck- 5a

– Hans-Jürgen 47178 Am Helpoot 14

– Karin 47138 Lehmbruck- 5a

– Melanie 47179 Horn- 15

– Ulrike 47178 Am Helpoot 14

Kammerevert Friedhelm 47269 Am Maashof 39

– Hedwig 47053 Karl-Jarres- 187

– Ursel 47269 Am Maashof 39

Kammermeier Josefine 47198 Prinzen- 80

Kamminga Heinz-Günther 47179 Römer- 503

– Kirsten 47179 Römer- 503

Kammler Andrea 47137 Bahnhof- 135

– Andreas 47166 Schiller- 114

– Anni 47166 Tauben- 24

– Bärbel 47166 Theresen- 38

– Bernd 47166 Uhland- 51

– Bettina 47166 Busch- 16

– Brigitte 47169 Im Eickelkamp 16

– Dirk 47166 Markgrafen- 114

– Elisabeth 47198 Otto- 64

– Frank 47166 Busch- 16

– Franz 47137 Voß- 15

– Freda 47058 Blumenthal- 62a

– Fritz 47167 Holtener- 374

– Gertrud 47167 Am Kreyenbergshof 114

– Hans 47167 Lüneburger- 28

– Heike 47167 Lüneburger- 28

– Hermann 47138 Kiffward 28

– Horst 47167 Am Kreyenbergshof 114

– Hubert 47166 Schiller- 114

– Ines 47166 Markgrafen- 114

– Joachim 47166 Theresen- 38

– Ines 47166 Schiller- 114

– Karl-Heinz 47169 Im Eickelkamp 16

– Klaus 47167 Am Kreyenbergshof 114

– Lotte 47137 Voß- 15

– Mario 47167 Am Kreyenbergshof 114

– Nicole 47167 Gehr- 25

– Otto 47137 Bahnhof- 135

– Peter 47137 Augusta- 28

– Petra 47167 Am Kreyenbergshof 114

– Rudolf 47166 Tauben- 24

– Ute 47137 Brückel- 90

– Waldemar 47137 Düppel- 6

– Xaver 47198 Otto- 64

– Yvonne 47057 Ohrwehr- 7

Kamola Andrzej 47198 Friedrich-Ebert- 16

Kamp Agnes 47119 Werth- 24

– Alfred 47269 An der Hüft 21

– Alma 47259 Am Lindentor 51

– Andrea 47053 Dickelsbach- 2

– Angelika 47259 Zum Grind 51

– Anja 47269 Waldenburger 27

– Anna 47269 Am Thelenbusch 79

– Anna 47269 Angermunder- 121

– Anna 47055 Fischer- 38

– Antonie 47053 Hasen- 59

– Bernhard 47259 Am Finkenacker 100

– Brigitte 47259 Am Lindentor 49

– Brigitte 47259 Zur Kaffeehütte 38

– Carlo 47055 Fischer- 38

– Christa 47058 Ziegler- 51

– Christel 47166 Roite- 23

– Christina 47166 Am Hüf 25

– Christine 47057 Gneisenau- 257

– Detlef 47249 Am Spick 22b

– Diane 47239 Gerling- 77

– Dieter 47051 Wall- 19

– Elisabeth 47119 Deich- 47

– Elke 47239 Am Aleftskamp 68

– Elke 47249 Iris- 4

– Emma 47279 Schelmenweg 81

– Erich 47119 Werth- 24

– Franziska 47229 Breitenbachallee 7

– Fritz 47239 Tulpen- 67

– Gertrud 47138 Am Alefskamp 68

– Gertrud 47269 Am Thelenbusch 75

– Gertrud 47226 Friedrich-Ebert 77

– Gertrud 47167 Wasser- 7

– Gertrud 47279 Krefelder- 284

– Gisela 47239 Düsseldorfer- 76

– Gislinde 47053 Musfeld- 152

– Grete 47137 Herwarth- 21

– Gudrun 47259 Am Lindentor 51

– Gudrun 47249 Angermunder 28

– Günter 47166 Elst- 9

– Günter 47166 Rolte- 23

– Günter 47169 Wilhelm-Ketteler 26

– Hannelore 47279 Rübenkamp 1

– Hans 47249 Am Rübenkamp 1

– Hans 47198 Lothringer- 29

– Hans 47137 Moritz-Tigler- 24

– Hans-Peter 47055 Gärtner- 55

– Hedwig 47053 Köster- 17

– Heiner 47178 Hoch- 50

– Heinrich 47057 Kammer- 164

– Heinrich 47138 Westender- 28

– Heinz 47226 Eichen- 22

– Heinz 47249 Kufsteiner- 88

– Heinz 47249 Sittardsberger Allee 132

– Heinz 47058 Ziegler- 51

– Helene 47139 Lehnhof- 21

– Helga 47279 Am Rübenkamp 1

– Hermann Dr. 47229 Lindenallee 8

– Hermann 47259 Am Seltenreich 7

– Hildegard 47269 Am Weidengraben 26

– Horst 47055 Eichen- 172

– Ingo 47138 Westender- 32a

– Irmgard 47057 Neue Fruchtt- 4

– Johann 47269 An der Hüf 25

– Johanne 47119 Deich- 35

– Johann 47137 Herwarth- 21

– Johanna 47228 Eichen- 22

– Jürgen 47057 Sternbuschweg 350

– Jürgen 47057 Mülheimer- 170

– Jürgen-Peter 47057 Sternbuschweg 350

– Karl 47269 Am Thelenbusch 79

– Karl 47269 Am Weidengraben 26

– Katharina 47239 Düsseldorfer- 82

Gewerbebetriebe/Dienstleister nach Namen – siehe gelber Teil	A/B
